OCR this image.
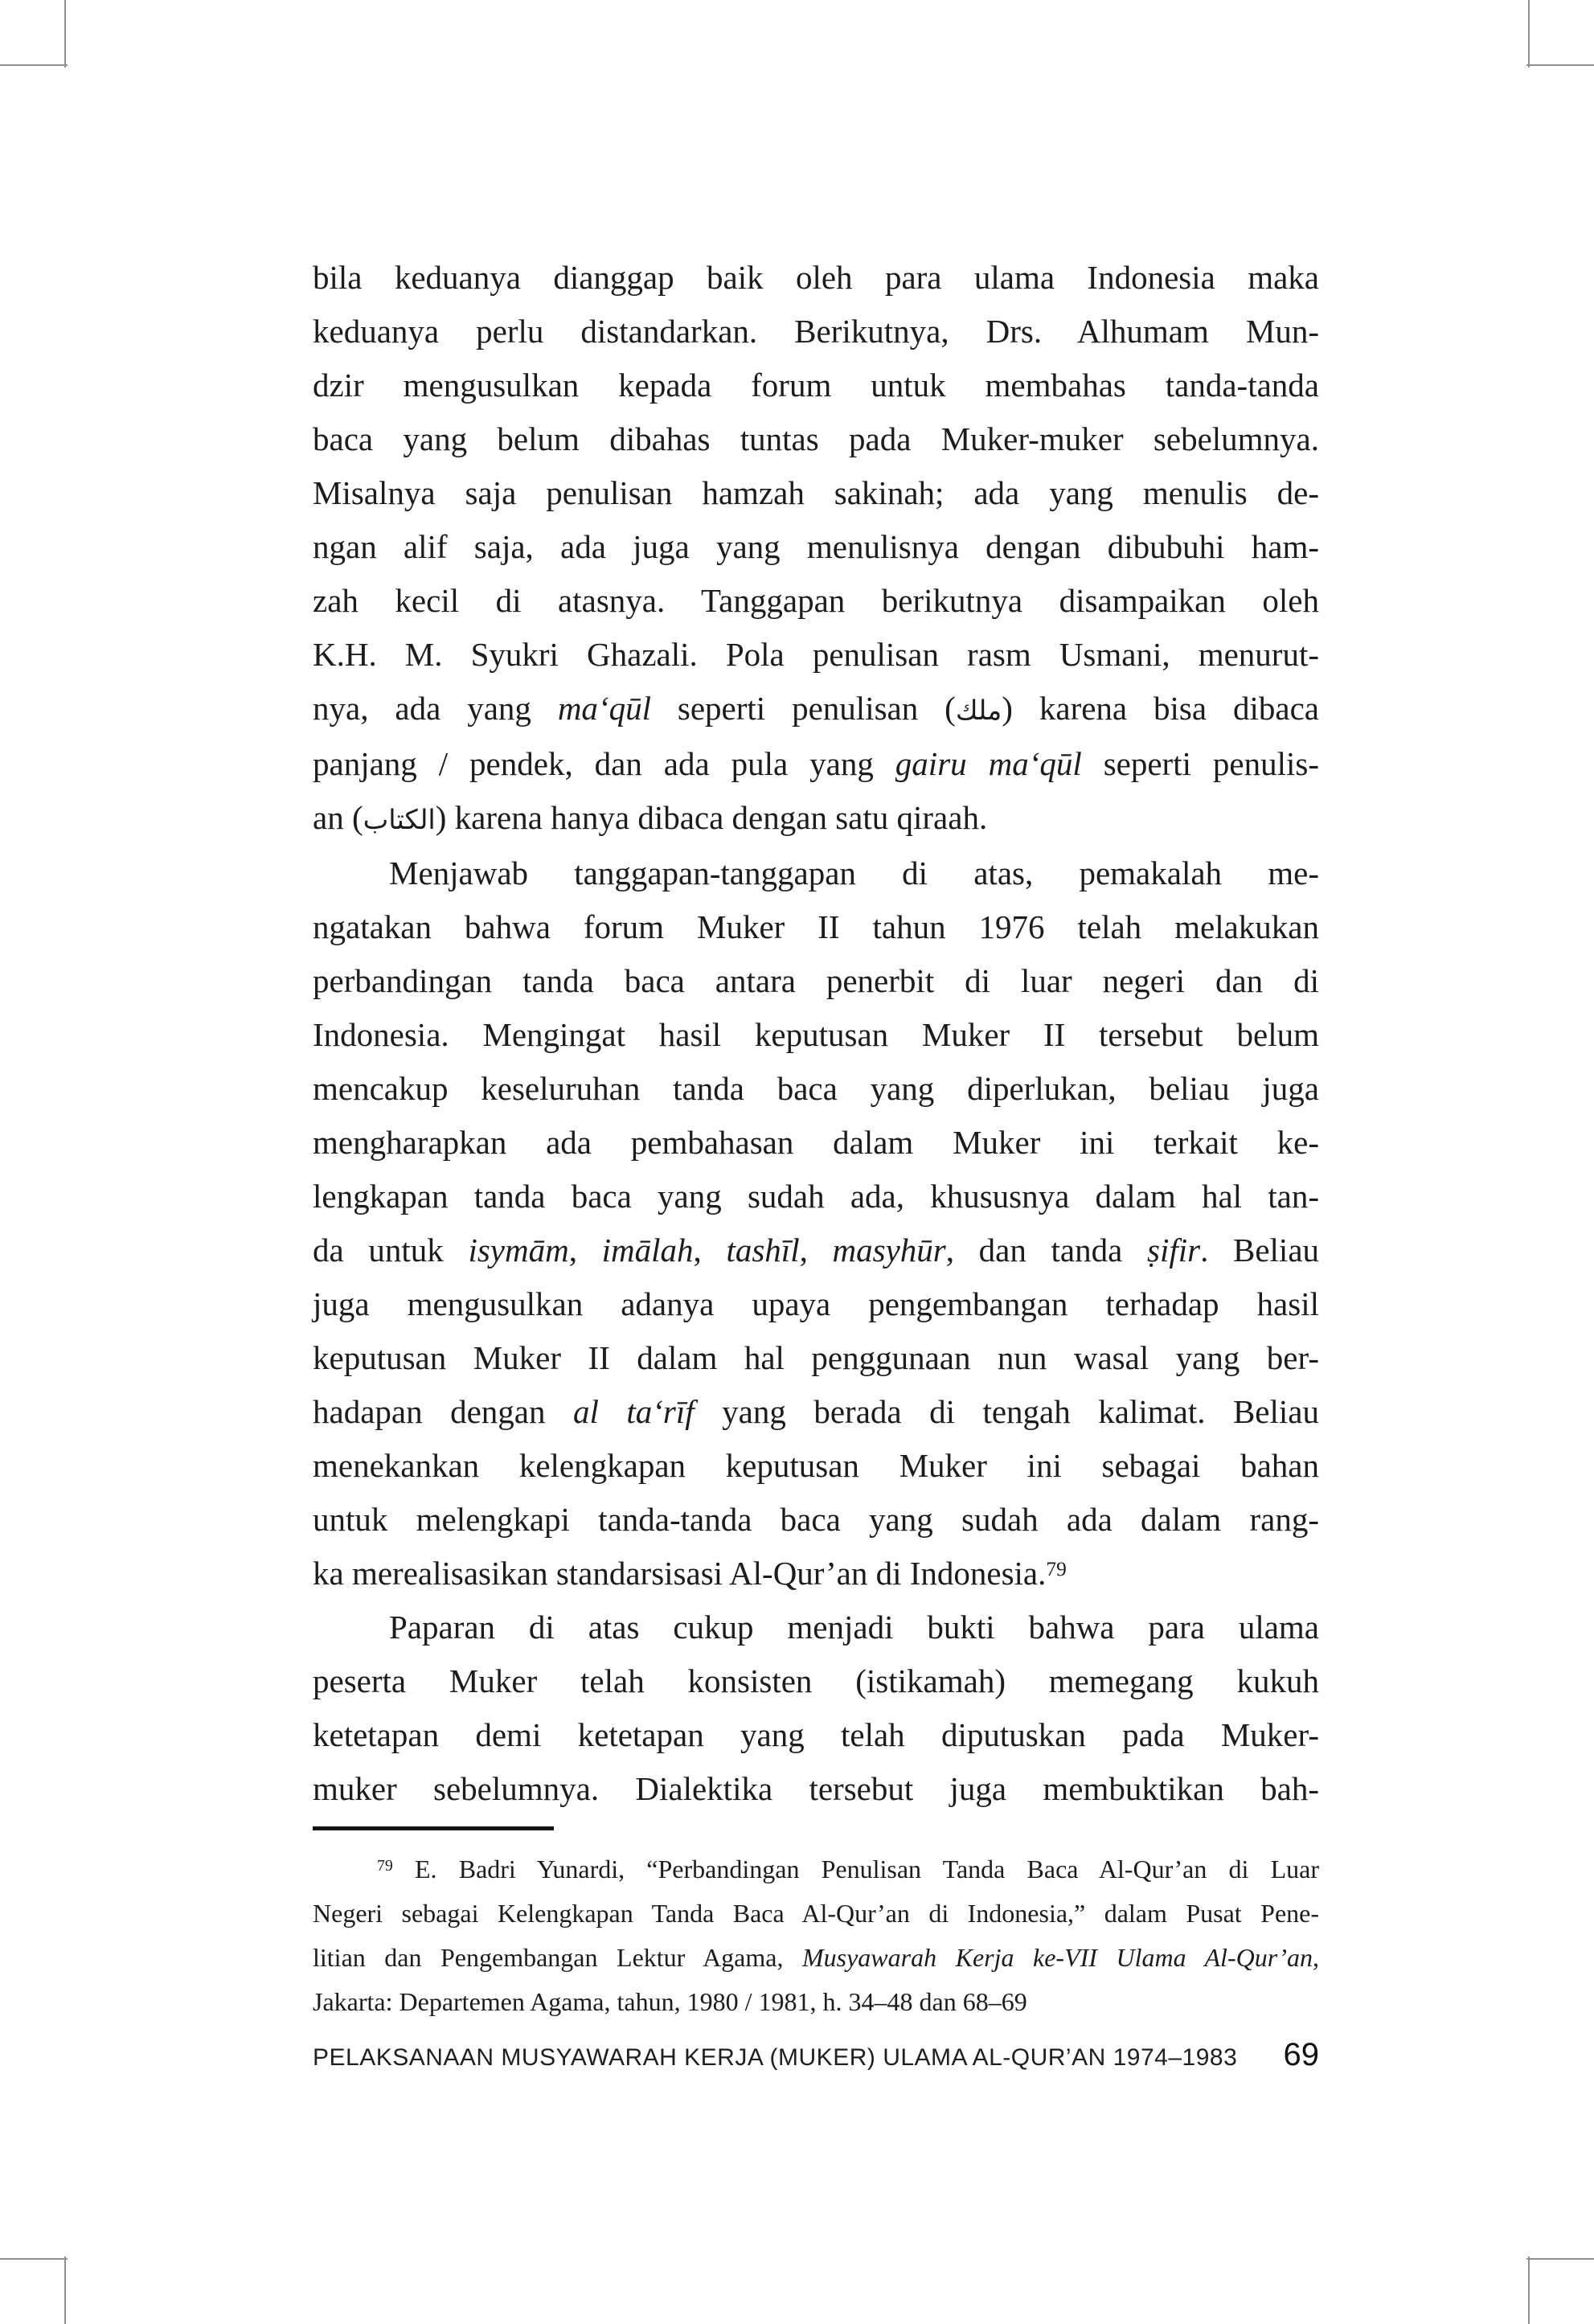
bila keduanya dianggap baik oleh para ulama Indonesia maka
keduanya perlu distandarkan. Berikutnya, Drs. Alhumam Mun-
dzir mengusulkan kepada forum untuk membahas tanda-tanda
baca yang belum dibahas tuntas pada Muker-muker sebelumnya.
Misalnya saja penulisan hamzah sakinah; ada yang menulis de-
ngan alif saja, ada juga yang menulisnya dengan dibubuhi ham-
zah kecil di atasnya. Tanggapan berikutnya disampaikan oleh
K.H. M. Syukri Ghazali. Pola penulisan rasm Usmani, menurut-
nya, ada yang ma‘qūl seperti penulisan (ملك) karena bisa dibaca
panjang / pendek, dan ada pula yang gairu ma‘qūl seperti penulis-
an (الكتاب) karena hanya dibaca dengan satu qiraah.
Menjawab tanggapan-tanggapan di atas, pemakalah me-
ngatakan bahwa forum Muker II tahun 1976 telah melakukan
perbandingan tanda baca antara penerbit di luar negeri dan di
Indonesia. Mengingat hasil keputusan Muker II tersebut belum
mencakup keseluruhan tanda baca yang diperlukan, beliau juga
mengharapkan ada pembahasan dalam Muker ini terkait ke-
lengkapan tanda baca yang sudah ada, khususnya dalam hal tan-
da untuk isymām, imālah, tashīl, masyhūr, dan tanda ṣifir. Beliau
juga mengusulkan adanya upaya pengembangan terhadap hasil
keputusan Muker II dalam hal penggunaan nun wasal yang ber-
hadapan dengan al ta‘rīf yang berada di tengah kalimat. Beliau
menekankan kelengkapan keputusan Muker ini sebagai bahan
untuk melengkapi tanda-tanda baca yang sudah ada dalam rang-
ka merealisasikan standarsisasi Al-Qur’an di Indonesia.$^{79}$
Paparan di atas cukup menjadi bukti bahwa para ulama
peserta Muker telah konsisten (istikamah) memegang kukuh
ketetapan demi ketetapan yang telah diputuskan pada Muker-
muker sebelumnya. Dialektika tersebut juga membuktikan bah-
$^{79}$ E. Badri Yunardi, “Perbandingan Penulisan Tanda Baca Al-Qur’an di Luar
Negeri sebagai Kelengkapan Tanda Baca Al-Qur’an di Indonesia,” dalam Pusat Pene-
litian dan Pengembangan Lektur Agama, Musyawarah Kerja ke-VII Ulama Al-Qur’an,
Jakarta: Departemen Agama, tahun, 1980 / 1981, h. 34–48 dan 68–69
PELAKSANAAN MUSYAWARAH KERJA (MUKER) ULAMA AL-QUR’AN 1974–1983 69
